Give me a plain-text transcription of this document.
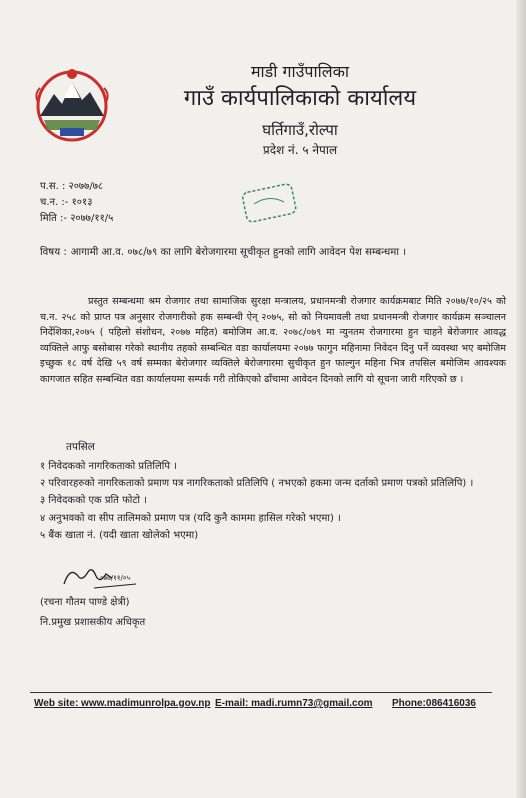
माडी गाउँपालिका
गाउँ कार्यपालिकाको कार्यालय
घर्तिगाउँ,रोल्पा
प्रदेश नं. ५ नेपाल
प.स. : २०७७/७८
च.न. :- १०१३
मिति :- २०७७/११/५
विषय : आगामी आ.व. ०७८/७९ का लागि बेरोजगारमा सूचीकृत हुनको लागि आवेदन पेश सम्बन्धमा ।

प्रस्तुत सम्बन्धमा श्रम रोजगार तथा सामाजिक सुरक्षा मन्त्रालय, प्रधानमन्त्री रोजगार कार्यक्रमबाट मिति २०७७/१०/२५ को च.न. २५८ को प्राप्त पत्र अनुसार रोजगारीको हक सम्बन्धी ऐन् २०७५, सो को नियमावली तथा प्रधानमन्त्री रोजगार कार्यक्रम सञ्चालन निर्देशिका,२०७५ ( पहिलो संशोधन, २०७७ महित) बमोजिम आ.व. २०७८/०७९ मा न्युनतम रोजगारमा हुन चाहने बेरोजगार आवद्ध व्यक्तिले आफु बसोबास गरेको स्थानीय तहको सम्बन्धित वडा कार्यालयमा २०७७ फागुन महिनामा निवेदन दिनु पर्ने व्यवस्था भए बमोजिम इच्छुक १८ वर्ष देखि ५९ वर्ष सम्मका बेरोजगार व्यक्तिले बेरोजगारमा सुचीकृत हुन फाल्गुन महिना भित्र तपसिल बमोजिम आवश्यक कागजात सहित सम्बन्धित वडा कार्यालयमा सम्पर्क गरी तोकिएको ढाँचामा आवेदन दिनको लागि यो सूचना जारी गरिएको छ ।

तपसिल
१ निवेदकको नागरिकताको प्रतिलिपि ।
२ परिवारहरुको नागरिकताको प्रमाण पत्र नागरिकताको प्रतिलिपि ( नभएको हकमा जन्म दर्ताको प्रमाण पत्रको प्रतिलिपि) ।
३ निवेदकको एक प्रति फोटो ।
४ अनुभवको वा सीप तालिमको प्रमाण पत्र (यदि कुनै काममा हासिल गरेको भएमा) ।
५ बैंक खाता नं. (यदी खाता खोलेको भएमा)
०७७/११/०५
(रचना गौतम पाण्डे क्षेत्री)
नि.प्रमुख प्रशासकीय अधिकृत
Web site: www.madimunrolpa.gov.np E-mail: madi.rumn73@gmail.com Phone:086416036
